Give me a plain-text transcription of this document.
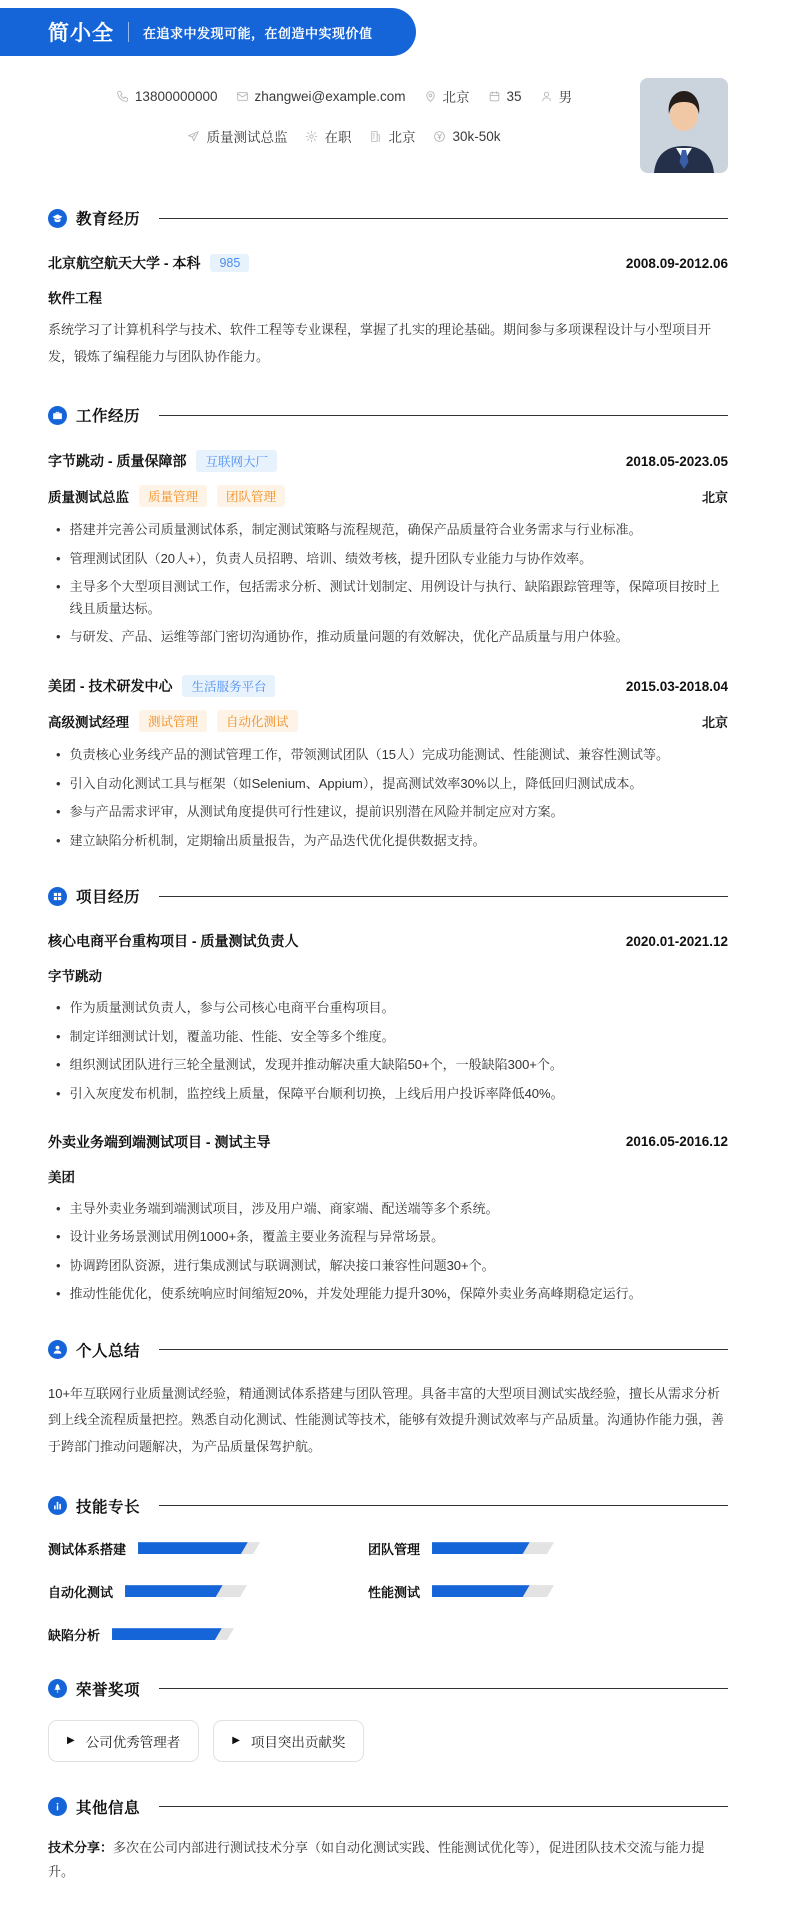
简小全 在追求中发现可能，在创造中实现价值
13800000000	zhangwei@example.com	北京	35	男
质量测试总监	在职	北京	30k-50k
教育经历
北京航空航天大学 - 本科	985	2008.09-2012.06
软件工程
系统学习了计算机科学与技术、软件工程等专业课程，掌握了扎实的理论基础。期间参与多项课程设计与小型项目开发，锻炼了编程能力与团队协作能力。
工作经历
字节跳动 - 质量保障部	互联网大厂	2018.05-2023.05
质量测试总监	质量管理	团队管理	北京
• 搭建并完善公司质量测试体系，制定测试策略与流程规范，确保产品质量符合业务需求与行业标准。
• 管理测试团队（20人+），负责人员招聘、培训、绩效考核，提升团队专业能力与协作效率。
• 主导多个大型项目测试工作，包括需求分析、测试计划制定、用例设计与执行、缺陷跟踪管理等，保障项目按时上线且质量达标。
• 与研发、产品、运维等部门密切沟通协作，推动质量问题的有效解决，优化产品质量与用户体验。
美团 - 技术研发中心	生活服务平台	2015.03-2018.04
高级测试经理	测试管理	自动化测试	北京
• 负责核心业务线产品的测试管理工作，带领测试团队（15人）完成功能测试、性能测试、兼容性测试等。
• 引入自动化测试工具与框架（如Selenium、Appium），提高测试效率30%以上，降低回归测试成本。
• 参与产品需求评审，从测试角度提供可行性建议，提前识别潜在风险并制定应对方案。
• 建立缺陷分析机制，定期输出质量报告，为产品迭代优化提供数据支持。
项目经历
核心电商平台重构项目 - 质量测试负责人	2020.01-2021.12
字节跳动
• 作为质量测试负责人，参与公司核心电商平台重构项目。
• 制定详细测试计划，覆盖功能、性能、安全等多个维度。
• 组织测试团队进行三轮全量测试，发现并推动解决重大缺陷50+个，一般缺陷300+个。
• 引入灰度发布机制，监控线上质量，保障平台顺利切换，上线后用户投诉率降低40%。
外卖业务端到端测试项目 - 测试主导	2016.05-2016.12
美团
• 主导外卖业务端到端测试项目，涉及用户端、商家端、配送端等多个系统。
• 设计业务场景测试用例1000+条，覆盖主要业务流程与异常场景。
• 协调跨团队资源，进行集成测试与联调测试，解决接口兼容性问题30+个。
• 推动性能优化，使系统响应时间缩短20%，并发处理能力提升30%，保障外卖业务高峰期稳定运行。
个人总结
10+年互联网行业质量测试经验，精通测试体系搭建与团队管理。具备丰富的大型项目测试实战经验，擅长从需求分析到上线全流程质量把控。熟悉自动化测试、性能测试等技术，能够有效提升测试效率与产品质量。沟通协作能力强，善于跨部门推动问题解决，为产品质量保驾护航。
技能专长
测试体系搭建	团队管理
自动化测试	性能测试
缺陷分析
荣誉奖项
▶ 公司优秀管理者	▶ 项目突出贡献奖
其他信息

技术分享：多次在公司内部进行测试技术分享（如自动化测试实践、性能测试优化等），促进团队技术交流与能力提升。
